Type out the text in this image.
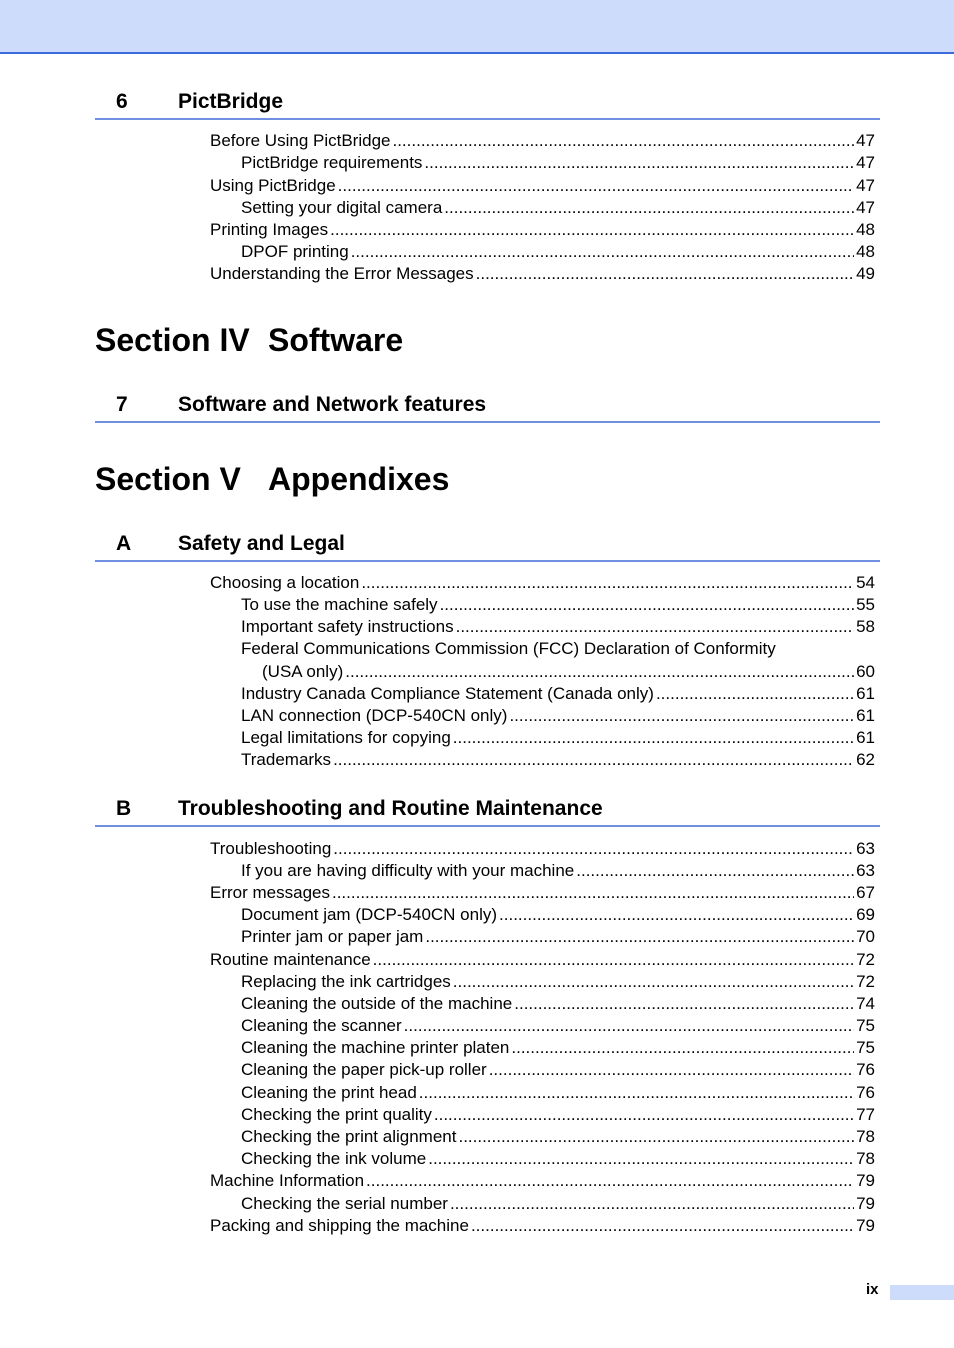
6 PictBridge
Before Using PictBridge .....	47
PictBridge requirements .....	47
Using PictBridge .....	47
Setting your digital camera .....	47
Printing Images .....	48
DPOF printing .....	48
Understanding the Error Messages .....	49
Section IV Software
7 Software and Network features
Section V Appendixes
A Safety and Legal
Choosing a location .....	54
To use the machine safely .....	55
Important safety instructions .....	58
Federal Communications Commission (FCC) Declaration of Conformity
(USA only) .....	60
Industry Canada Compliance Statement (Canada only) .....	61
LAN connection (DCP-540CN only) .....	61
Legal limitations for copying .....	61
Trademarks .....	62
B Troubleshooting and Routine Maintenance
Troubleshooting .....	63
If you are having difficulty with your machine .....	63
Error messages .....	67
Document jam (DCP-540CN only) .....	69
Printer jam or paper jam .....	70
Routine maintenance .....	72
Replacing the ink cartridges .....	72
Cleaning the outside of the machine .....	74
Cleaning the scanner .....	75
Cleaning the machine printer platen .....	75
Cleaning the paper pick-up roller .....	76
Cleaning the print head .....	76
Checking the print quality .....	77
Checking the print alignment .....	78
Checking the ink volume .....	78
Machine Information .....	79
Checking the serial number .....	79
Packing and shipping the machine .....	79
ix
